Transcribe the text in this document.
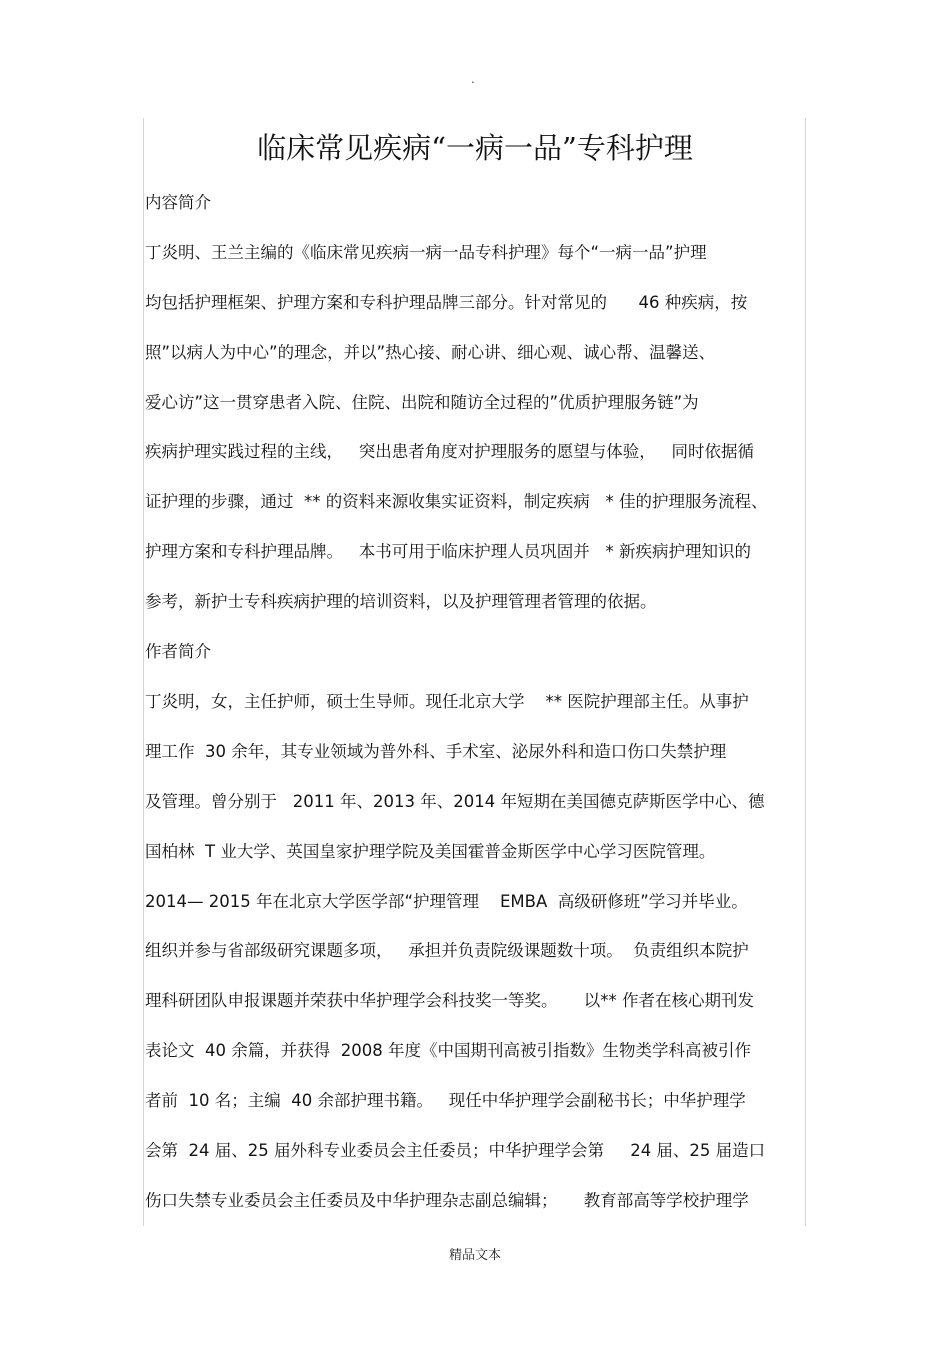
.
临床常见疾病“一病一品”专科护理
内容简介
丁炎明、王兰主编的《临床常见疾病一病一品专科护理》每个“一病一品”护理
均包括护理框架、护理方案和专科护理品牌三部分。针对常见的      46 种疾病，按
照”以病人为中心”的理念，并以”热心接、耐心讲、细心观、诚心帮、温馨送、
爱心访”这一贯穿患者入院、住院、出院和随访全过程的”优质护理服务链”为
疾病护理实践过程的主线，   突出患者角度对护理服务的愿望与体验，   同时依据循
证护理的步骤，通过  ** 的资料来源收集实证资料，制定疾病   * 佳的护理服务流程、
护理方案和专科护理品牌。   本书可用于临床护理人员巩固并   * 新疾病护理知识的
参考，新护士专科疾病护理的培训资料，以及护理管理者管理的依据。
作者简介
丁炎明，女，主任护师，硕士生导师。现任北京大学    ** 医院护理部主任。从事护
理工作  30 余年，其专业领域为普外科、手术室、泌尿外科和造口伤口失禁护理
及管理。曾分别于   2011 年、2013 年、2014 年短期在美国德克萨斯医学中心、德
国柏林  T 业大学、英国皇家护理学院及美国霍普金斯医学中心学习医院管理。
2014— 2015 年在北京大学医学部“护理管理    EMBA  高级研修班”学习并毕业。
组织并参与省部级研究课题多项，   承担并负责院级课题数十项。  负责组织本院护
理科研团队申报课题并荣获中华护理学会科技奖一等奖。     以** 作者在核心期刊发
表论文  40 余篇，并获得  2008 年度《中国期刊高被引指数》生物类学科高被引作
者前  10 名；主编  40 余部护理书籍。   现任中华护理学会副秘书长；中华护理学
会第  24 届、25 届外科专业委员会主任委员；中华护理学会第     24 届、25 届造口
伤口失禁专业委员会主任委员及中华护理杂志副总编辑；     教育部高等学校护理学
精品文本
